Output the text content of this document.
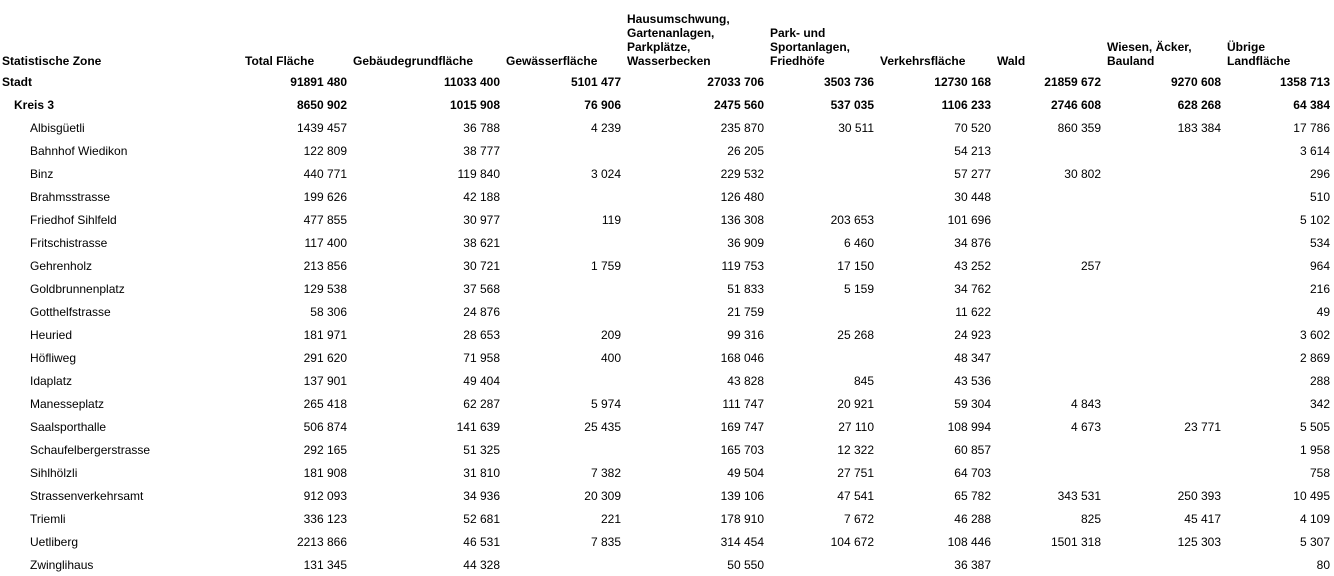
Statistische Zone	Total Fläche	Gebäudegrundfläche	Gewässerfläche	Hausumschwung,
Gartenanlagen,
Parkplätze,
Wasserbecken	Park- und
Sportanlagen,
Friedhöfe	Verkehrsfläche	Wald	Wiesen, Äcker,
Bauland	Übrige
Landfläche

Stadt	91891 480	11033 400	5101 477	27033 706	3503 736	12730 168	21859 672	9270 608	1358 713
Kreis 3	8650 902	1015 908	76 906	2475 560	537 035	1106 233	2746 608	628 268	64 384
Albisgüetli	1439 457	36 788	4 239	235 870	30 511	70 520	860 359	183 384	17 786
Bahnhof Wiedikon	122 809	38 777		26 205		54 213			3 614
Binz	440 771	119 840	3 024	229 532		57 277	30 802		296
Brahmsstrasse	199 626	42 188		126 480		30 448			510
Friedhof Sihlfeld	477 855	30 977	119	136 308	203 653	101 696			5 102
Fritschistrasse	117 400	38 621		36 909	6 460	34 876			534
Gehrenholz	213 856	30 721	1 759	119 753	17 150	43 252	257		964
Goldbrunnenplatz	129 538	37 568		51 833	5 159	34 762			216
Gotthelfstrasse	58 306	24 876		21 759		11 622			49
Heuried	181 971	28 653	209	99 316	25 268	24 923			3 602
Höfliweg	291 620	71 958	400	168 046		48 347			2 869
Idaplatz	137 901	49 404		43 828	845	43 536			288
Manesseplatz	265 418	62 287	5 974	111 747	20 921	59 304	4 843		342
Saalsporthalle	506 874	141 639	25 435	169 747	27 110	108 994	4 673	23 771	5 505
Schaufelbergerstrasse	292 165	51 325		165 703	12 322	60 857			1 958
Sihlhölzli	181 908	31 810	7 382	49 504	27 751	64 703			758
Strassenverkehrsamt	912 093	34 936	20 309	139 106	47 541	65 782	343 531	250 393	10 495
Triemli	336 123	52 681	221	178 910	7 672	46 288	825	45 417	4 109
Uetliberg	2213 866	46 531	7 835	314 454	104 672	108 446	1501 318	125 303	5 307
Zwinglihaus	131 345	44 328		50 550		36 387			80
